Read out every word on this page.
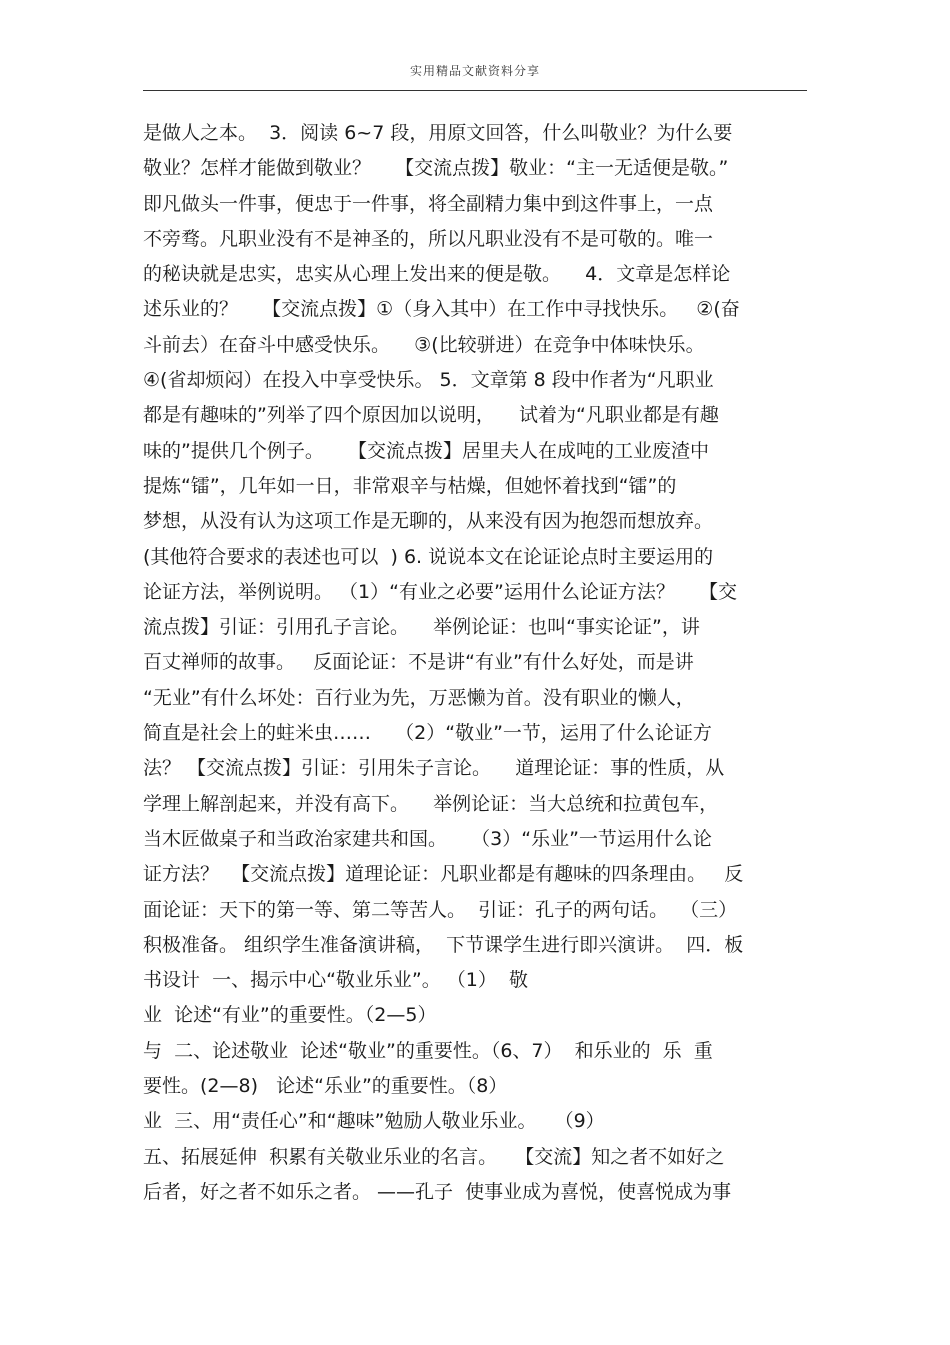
实用精品文献资料分享
是做人之本。  3．阅读 6~7 段，用原文回答，什么叫敬业？为什么要
敬业？怎样才能做到敬业？    【交流点拨】敬业：“主一无适便是敬。”
即凡做头一件事，便忠于一件事，将全副精力集中到这件事上，一点
不旁骛。凡职业没有不是神圣的，所以凡职业没有不是可敬的。唯一
的秘诀就是忠实，忠实从心理上发出来的便是敬。    4．文章是怎样论
述乐业的？    【交流点拨】①（身入其中）在工作中寻找快乐。   ②(奋
斗前去）在奋斗中感受快乐。    ③(比较骈进）在竞争中体味快乐。
④(省却烦闷）在投入中享受快乐。 5．文章第 8 段中作者为“凡职业
都是有趣味的”列举了四个原因加以说明，    试着为“凡职业都是有趣
味的”提供几个例子。    【交流点拨】居里夫人在成吨的工业废渣中
提炼“镭”，几年如一日，非常艰辛与枯燥，但她怀着找到“镭”的
梦想，从没有认为这项工作是无聊的，从来没有因为抱怨而想放弃。
(其他符合要求的表述也可以  ) 6. 说说本文在论证论点时主要运用的
论证方法，举例说明。 （1）“有业之必要”运用什么论证方法？    【交
流点拨】引证：引用孔子言论。    举例论证：也叫“事实论证”，讲
百丈禅师的故事。   反面论证：不是讲“有业”有什么好处，而是讲
“无业”有什么坏处：百行业为先，万恶懒为首。没有职业的懒人，
简直是社会上的蛀米虫……    （2）“敬业”一节，运用了什么论证方
法？ 【交流点拨】引证：引用朱子言论。    道理论证：事的性质，从
学理上解剖起来，并没有高下。    举例论证：当大总统和拉黄包车，
当木匠做桌子和当政治家建共和国。    （3）“乐业”一节运用什么论
证方法？  【交流点拨】道理论证：凡职业都是有趣味的四条理由。   反
面论证：天下的第一等、第二等苦人。  引证：孔子的两句话。  （三）
积极准备。 组织学生准备演讲稿，  下节课学生进行即兴演讲。  四．板
书设计  一、揭示中心“敬业乐业”。 （1）  敬
业  论述“有业”的重要性。（2—5）
与  二、论述敬业  论述“敬业”的重要性。（6、7）  和乐业的  乐  重
要性。(2—8)   论述“乐业”的重要性。（8）
业  三、用“责任心”和“趣味”勉励人敬业乐业。   （9）
五、拓展延伸  积累有关敬业乐业的名言。   【交流】知之者不如好之
后者，好之者不如乐之者。 ——孔子  使事业成为喜悦，使喜悦成为事
